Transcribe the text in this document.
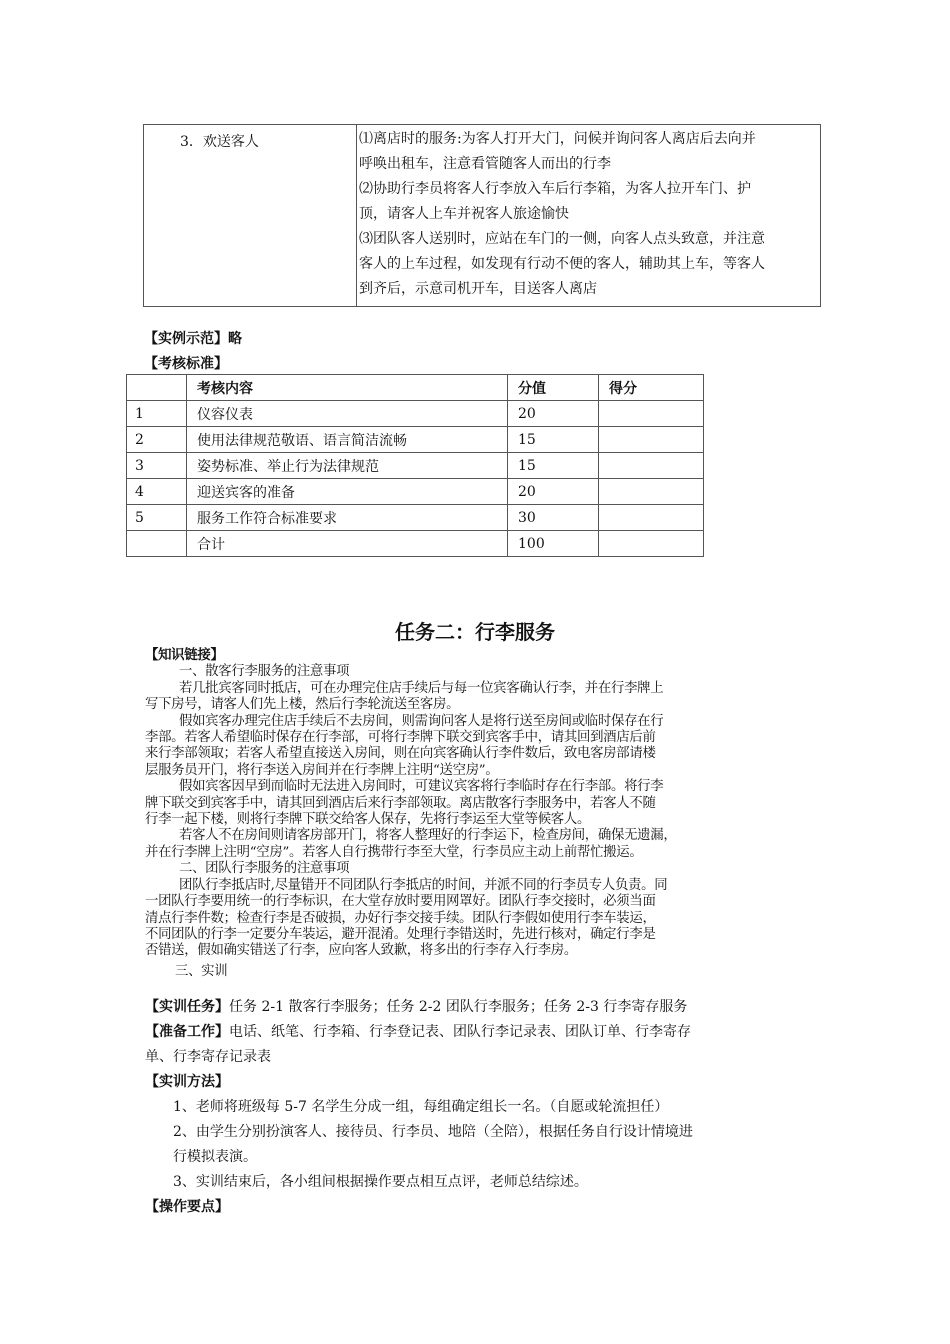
3．欢送客人	⑴离店时的服务:为客人打开大门，问候并询问客人离店后去向并
呼唤出租车，注意看管随客人而出的行李
⑵协助行李员将客人行李放入车后行李箱，为客人拉开车门、护
顶，请客人上车并祝客人旅途愉快
⑶团队客人送别时，应站在车门的一侧，向客人点头致意，并注意
客人的上车过程，如发现有行动不便的客人，辅助其上车，等客人
到齐后，示意司机开车，目送客人离店
【实例示范】略
【考核标准】
	考核内容	分值	得分
1	仪容仪表	20	
2	使用法律规范敬语、语言简洁流畅	15	
3	姿势标准、举止行为法律规范	15	
4	迎送宾客的准备	20	
5	服务工作符合标准要求	30	
	合计	100	
任务二：行李服务

【知识链接】

一、散客行李服务的注意事项

若几批宾客同时抵店，可在办理完住店手续后与每一位宾客确认行李，并在行李牌上

写下房号，请客人们先上楼，然后行李轮流送至客房。

假如宾客办理完住店手续后不去房间，则需询问客人是将行送至房间或临时保存在行

李部。若客人希望临时保存在行李部，可将行李牌下联交到宾客手中，请其回到酒店后前

来行李部领取；若客人希望直接送入房间，则在向宾客确认行李件数后，致电客房部请楼

层服务员开门，将行李送入房间并在行李牌上注明“送空房”。

假如宾客因早到而临时无法进入房间时，可建议宾客将行李临时存在行李部。将行李

牌下联交到宾客手中，请其回到酒店后来行李部领取。离店散客行李服务中，若客人不随

行李一起下楼，则将行李牌下联交给客人保存，先将行李运至大堂等候客人。

若客人不在房间则请客房部开门，将客人整理好的行李运下，检查房间，确保无遗漏，

并在行李牌上注明“空房”。若客人自行携带行李至大堂，行李员应主动上前帮忙搬运。

二、团队行李服务的注意事项

团队行李抵店时,尽量错开不同团队行李抵店的时间，并派不同的行李员专人负责。同

一团队行李要用统一的行李标识，在大堂存放时要用网罩好。团队行李交接时，必须当面

清点行李件数；检查行李是否破损，办好行李交接手续。团队行李假如使用行李车装运，

不同团队的行李一定要分车装运，避开混淆。处理行李错送时，先进行核对，确定行李是

否错送，假如确实错送了行李，应向客人致歉，将多出的行李存入行李房。

三、实训

【实训任务】任务 2-1 散客行李服务；任务 2-2 团队行李服务；任务 2-3 行李寄存服务

【准备工作】电话、纸笔、行李箱、行李登记表、团队行李记录表、团队订单、行李寄存

单、行李寄存记录表

【实训方法】

1、老师将班级每 5-7 名学生分成一组，每组确定组长一名。（自愿或轮流担任）

2、由学生分别扮演客人、接待员、行李员、地陪（全陪），根据任务自行设计情境进

行模拟表演。

3、实训结束后，各小组间根据操作要点相互点评，老师总结综述。

【操作要点】
